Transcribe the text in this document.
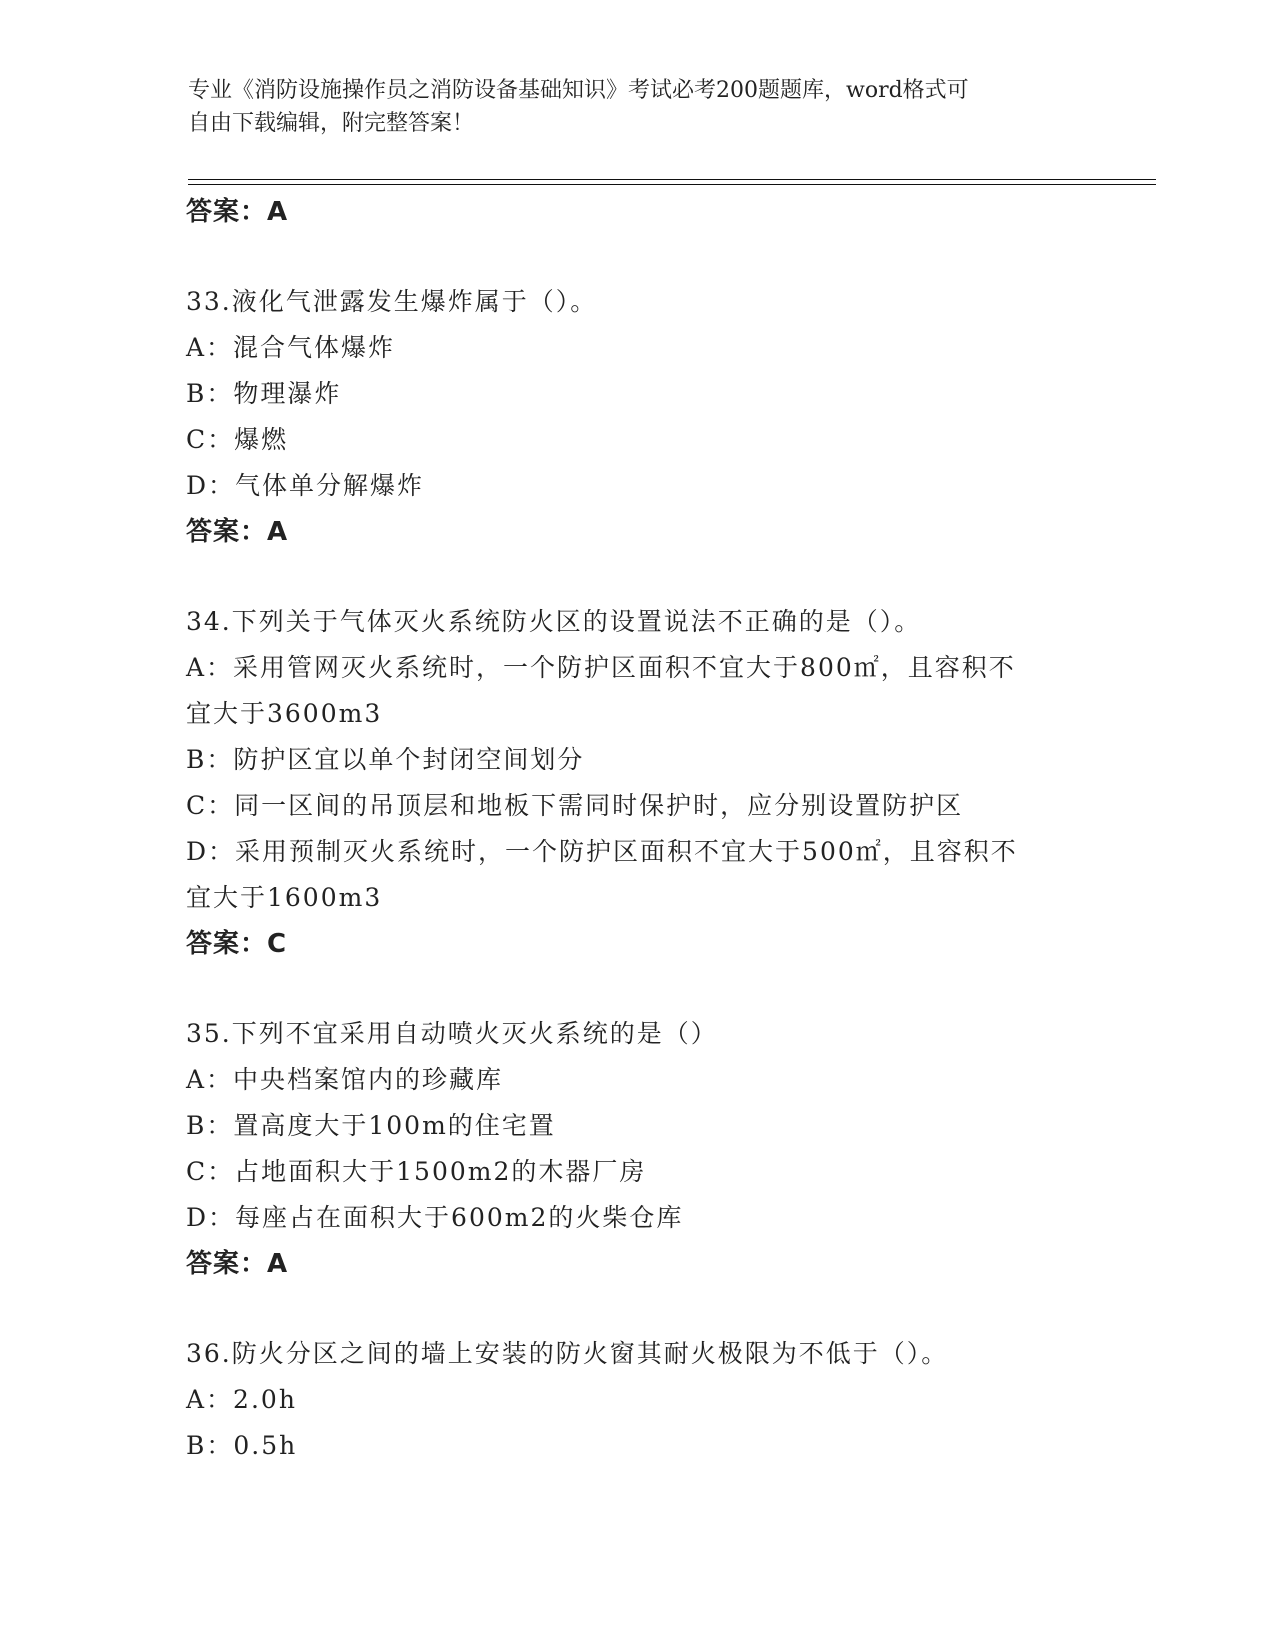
专业《消防设施操作员之消防设备基础知识》考试必考200题题库，word格式可
自由下载编辑，附完整答案！
答案：A
33.液化气泄露发生爆炸属于（）。
A：混合气体爆炸
B：物理瀑炸
C：爆燃
D：气体单分解爆炸
答案：A
34.下列关于气体灭火系统防火区的设置说法不正确的是（）。
A：采用管网灭火系统时，一个防护区面积不宜大于800㎡，且容积不
宜大于3600m3
B：防护区宜以单个封闭空间划分
C：同一区间的吊顶层和地板下需同时保护时，应分别设置防护区
D：采用预制灭火系统时，一个防护区面积不宜大于500㎡，且容积不
宜大于1600m3
答案：C
35.下列不宜采用自动喷火灭火系统的是（）
A：中央档案馆内的珍藏库
B：置高度大于100m的住宅置
C：占地面积大于1500m2的木器厂房
D：每座占在面积大于600m2的火柴仓库
答案：A
36.防火分区之间的墙上安装的防火窗其耐火极限为不低于（）。
A：2.0h
B：0.5h
